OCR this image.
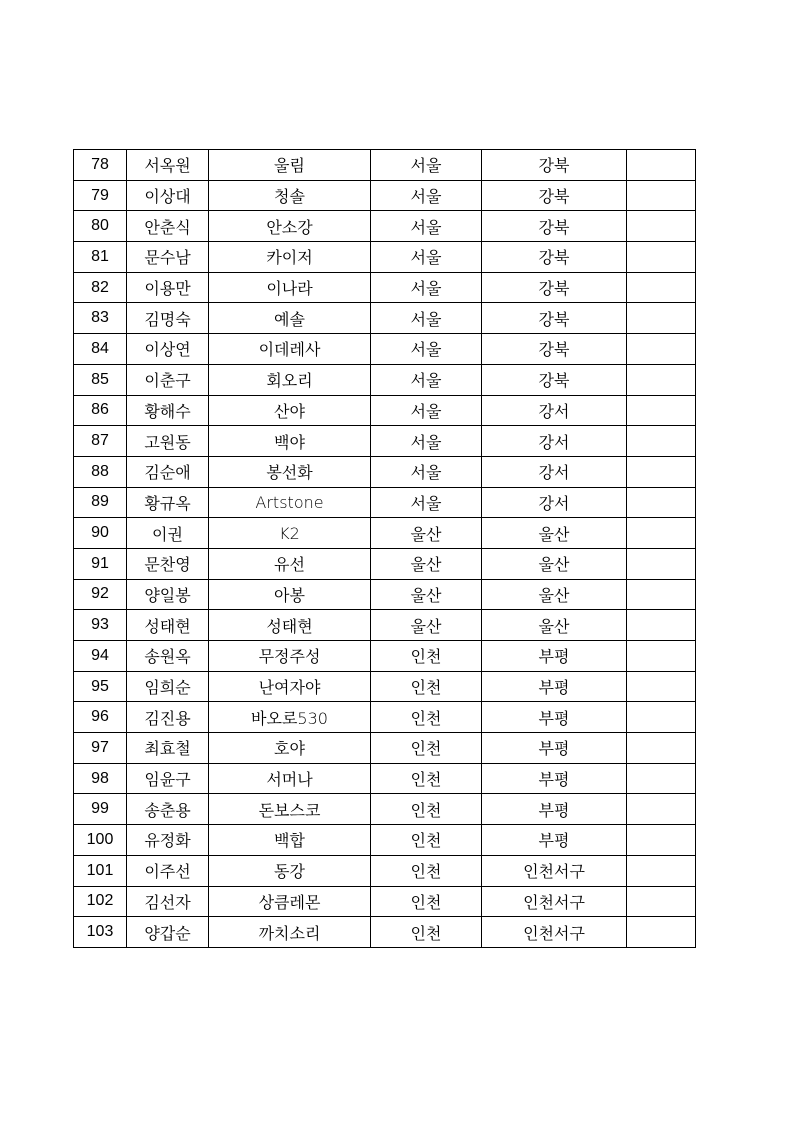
78	서옥원	울림	서울	강북	
79	이상대	청솔	서울	강북	
80	안춘식	안소강	서울	강북	
81	문수남	카이저	서울	강북	
82	이용만	이나라	서울	강북	
83	김명숙	예솔	서울	강북	
84	이상연	이데레사	서울	강북	
85	이춘구	회오리	서울	강북	
86	황해수	산야	서울	강서	
87	고원동	백야	서울	강서	
88	김순애	봉선화	서울	강서	
89	황규옥	Artstone	서울	강서	
90	이권	K2	울산	울산	
91	문찬영	유선	울산	울산	
92	양일봉	아봉	울산	울산	
93	성태현	성태현	울산	울산	
94	송원옥	무정주성	인천	부평	
95	임희순	난여자야	인천	부평	
96	김진용	바오로530	인천	부평	
97	최효철	호야	인천	부평	
98	임윤구	서머나	인천	부평	
99	송춘용	돈보스코	인천	부평	
100	유정화	백합	인천	부평	
101	이주선	동강	인천	인천서구	
102	김선자	상큼레몬	인천	인천서구	
103	양갑순	까치소리	인천	인천서구	
